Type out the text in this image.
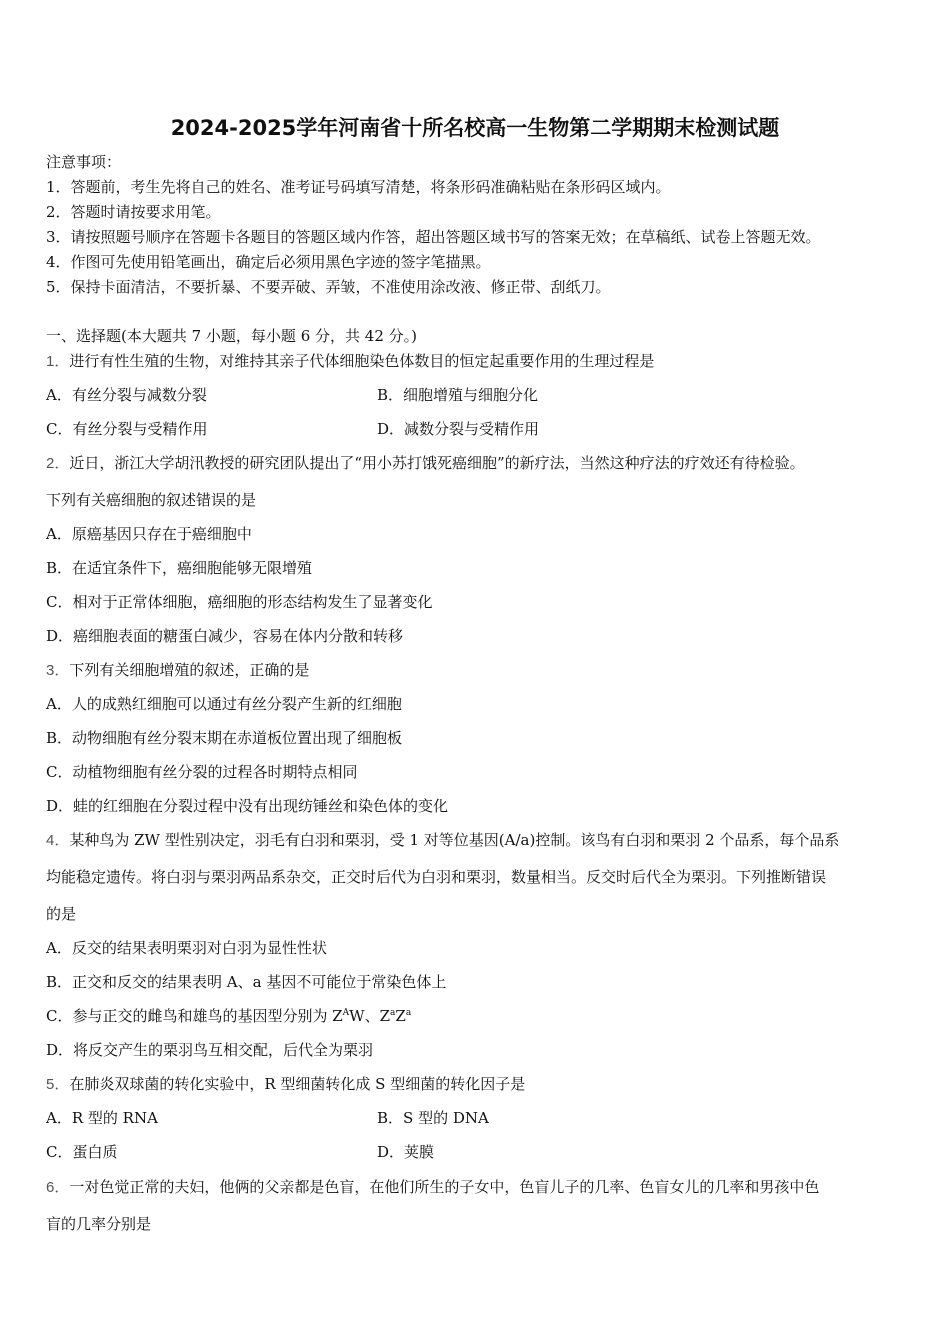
2024-2025学年河南省十所名校高一生物第二学期期末检测试题
注意事项：
1．答题前，考生先将自己的姓名、准考证号码填写清楚，将条形码准确粘贴在条形码区域内。
2．答题时请按要求用笔。
3．请按照题号顺序在答题卡各题目的答题区域内作答，超出答题区域书写的答案无效；在草稿纸、试卷上答题无效。
4．作图可先使用铅笔画出，确定后必须用黑色字迹的签字笔描黑。
5．保持卡面清洁，不要折暴、不要弄破、弄皱，不准使用涂改液、修正带、刮纸刀。
一、选择题(本大题共 7 小题，每小题 6 分，共 42 分。)
1．进行有性生殖的生物，对维持其亲子代体细胞染色体数目的恒定起重要作用的生理过程是
A．有丝分裂与减数分裂	B．细胞增殖与细胞分化
C．有丝分裂与受精作用	D．减数分裂与受精作用
2．近日，浙江大学胡汛教授的研究团队提出了“用小苏打饿死癌细胞”的新疗法，当然这种疗法的疗效还有待检验。
下列有关癌细胞的叙述错误的是
A．原癌基因只存在于癌细胞中
B．在适宜条件下，癌细胞能够无限增殖
C．相对于正常体细胞，癌细胞的形态结构发生了显著变化
D．癌细胞表面的糖蛋白减少，容易在体内分散和转移
3．下列有关细胞增殖的叙述，正确的是
A．人的成熟红细胞可以通过有丝分裂产生新的红细胞
B．动物细胞有丝分裂末期在赤道板位置出现了细胞板
C．动植物细胞有丝分裂的过程各时期特点相同
D．蛙的红细胞在分裂过程中没有出现纺锤丝和染色体的变化
4．某种鸟为 ZW 型性别决定，羽毛有白羽和栗羽，受 1 对等位基因(A/a)控制。该鸟有白羽和栗羽 2 个品系，每个品系
均能稳定遗传。将白羽与栗羽两品系杂交，正交时后代为白羽和栗羽，数量相当。反交时后代全为栗羽。下列推断错误
的是
A．反交的结果表明栗羽对白羽为显性性状
B．正交和反交的结果表明 A、a 基因不可能位于常染色体上
C．参与正交的雌鸟和雄鸟的基因型分别为 $Z^AW$、$Z^aZ^a$
D．将反交产生的栗羽鸟互相交配，后代全为栗羽
5．在肺炎双球菌的转化实验中，R 型细菌转化成 S 型细菌的转化因子是
A．R 型的 RNA	B．S 型的 DNA
C．蛋白质	D．荚膜
6．一对色觉正常的夫妇，他俩的父亲都是色盲，在他们所生的子女中，色盲儿子的几率、色盲女儿的几率和男孩中色
盲的几率分别是
